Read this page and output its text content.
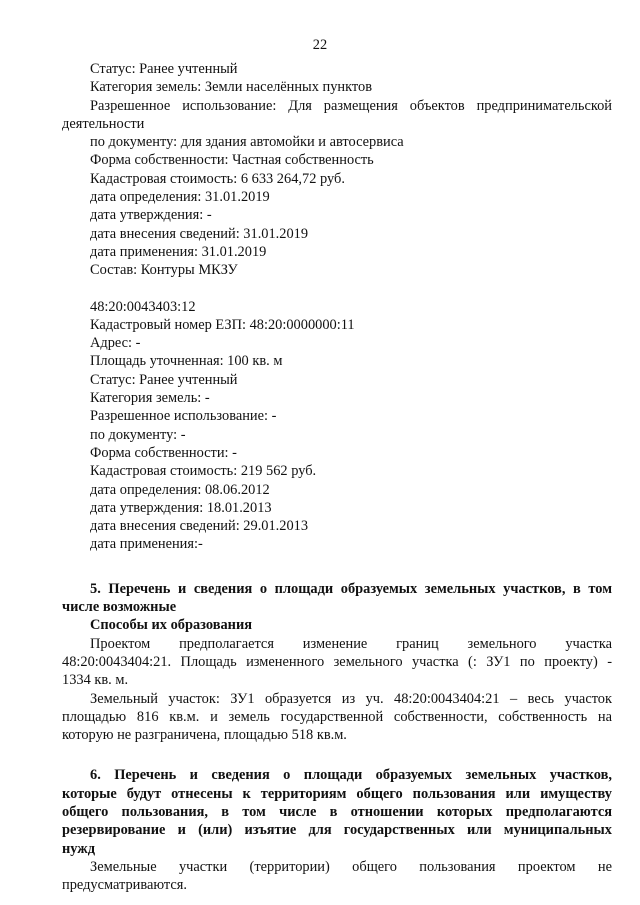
22
Статус: Ранее учтенный
Категория земель: Земли населённых пунктов
Разрешенное использование: Для размещения объектов предпринимательской
деятельности
по документу: для здания автомойки и автосервиса
Форма собственности: Частная собственность
Кадастровая стоимость: 6 633 264,72 руб.
дата определения: 31.01.2019
дата утверждения: -
дата внесения сведений: 31.01.2019
дата применения: 31.01.2019
Состав: Контуры МКЗУ
48:20:0043403:12
Кадастровый номер ЕЗП: 48:20:0000000:11
Адрес: -
Площадь уточненная: 100 кв. м
Статус: Ранее учтенный
Категория земель: -
Разрешенное использование: -
по документу: -
Форма собственности: -
Кадастровая стоимость: 219 562 руб.
дата определения: 08.06.2012
дата утверждения: 18.01.2013
дата внесения сведений: 29.01.2013
дата применения:-
5. Перечень и сведения о площади образуемых земельных участков, в том
числе возможные
Способы их образования
Проектом предполагается изменение границ земельного участка
48:20:0043404:21. Площадь измененного земельного участка (: ЗУ1 по проекту) -
1334 кв. м.
Земельный участок: ЗУ1 образуется из уч. 48:20:0043404:21 – весь участок
площадью 816 кв.м. и земель государственной собственности, собственность на
которую не разграничена, площадью 518 кв.м.
6. Перечень и сведения о площади образуемых земельных участков,
которые будут отнесены к территориям общего пользования или имуществу
общего пользования, в том числе в отношении которых предполагаются
резервирование и (или) изъятие для государственных или муниципальных
нужд
Земельные участки (территории) общего пользования проектом не
предусматриваются.
